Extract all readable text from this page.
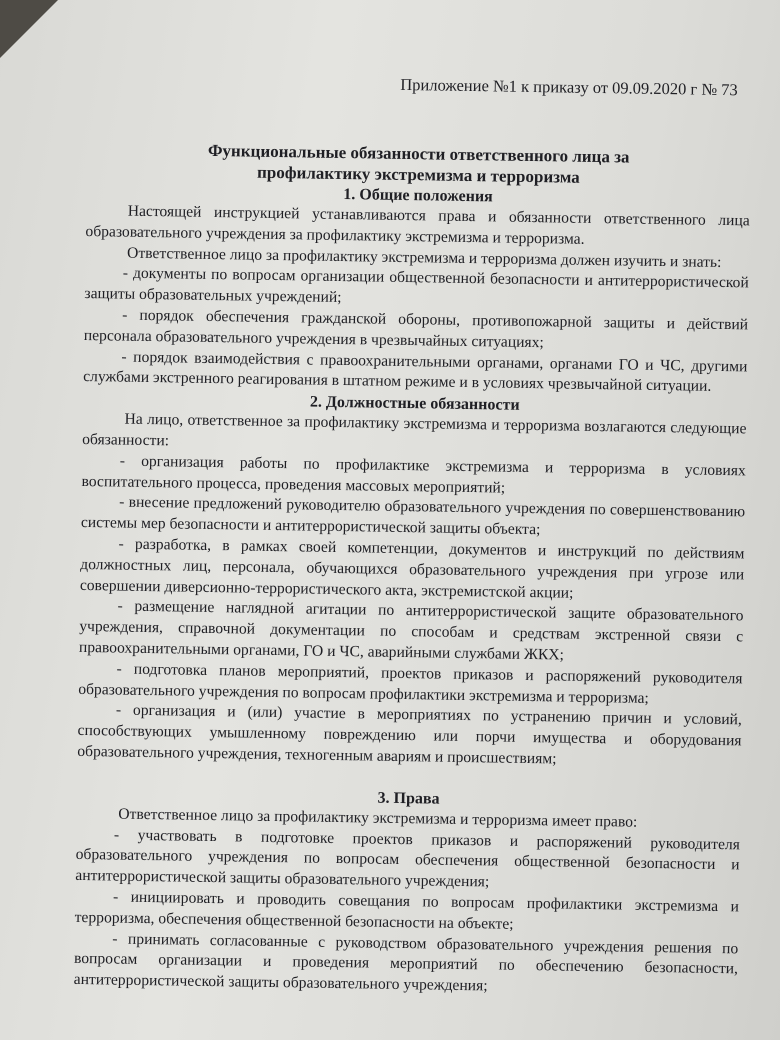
Приложение №1 к приказу от 09.09.2020 г № 73
Функциональные обязанности ответственного лица за
профилактику экстремизма и терроризма
1. Общие положения

Настоящей инструкцией устанавливаются права и обязанности ответственного лица образовательного учреждения за профилактику экстремизма и терроризма.

Ответственное лицо за профилактику экстремизма и терроризма должен изучить и знать:

- документы по вопросам организации общественной безопасности и антитеррористической защиты образовательных учреждений;

- порядок обеспечения гражданской обороны, противопожарной защиты и действий персонала образовательного учреждения в чрезвычайных ситуациях;

- порядок взаимодействия с правоохранительными органами, органами ГО и ЧС, другими службами экстренного реагирования в штатном режиме и в условиях чрезвычайной ситуации.

2. Должностные обязанности

На лицо, ответственное за профилактику экстремизма и терроризма возлагаются следующие обязанности:

- организация работы по профилактике экстремизма и терроризма в условиях воспитательного процесса, проведения массовых мероприятий;

- внесение предложений руководителю образовательного учреждения по совершенствованию системы мер безопасности и антитеррористической защиты объекта;

- разработка, в рамках своей компетенции, документов и инструкций по действиям должностных лиц, персонала, обучающихся образовательного учреждения при угрозе или совершении диверсионно-террористического акта, экстремистской акции;

- размещение наглядной агитации по антитеррористической защите образовательного учреждения, справочной документации по способам и средствам экстренной связи с правоохранительными органами, ГО и ЧС, аварийными службами ЖКХ;

- подготовка планов мероприятий, проектов приказов и распоряжений руководителя образовательного учреждения по вопросам профилактики экстремизма и терроризма;

- организация и (или) участие в мероприятиях по устранению причин и условий, способствующих умышленному повреждению или порчи имущества и оборудования образовательного учреждения, техногенным авариям и происшествиям;

3. Права

Ответственное лицо за профилактику экстремизма и терроризма имеет право:

- участвовать в подготовке проектов приказов и распоряжений руководителя образовательного учреждения по вопросам обеспечения общественной безопасности и антитеррористической защиты образовательного учреждения;

- инициировать и проводить совещания по вопросам профилактики экстремизма и терроризма, обеспечения общественной безопасности на объекте;

- принимать согласованные с руководством образовательного учреждения решения по вопросам организации и проведения мероприятий по обеспечению безопасности, антитеррористической защиты образовательного учреждения;
